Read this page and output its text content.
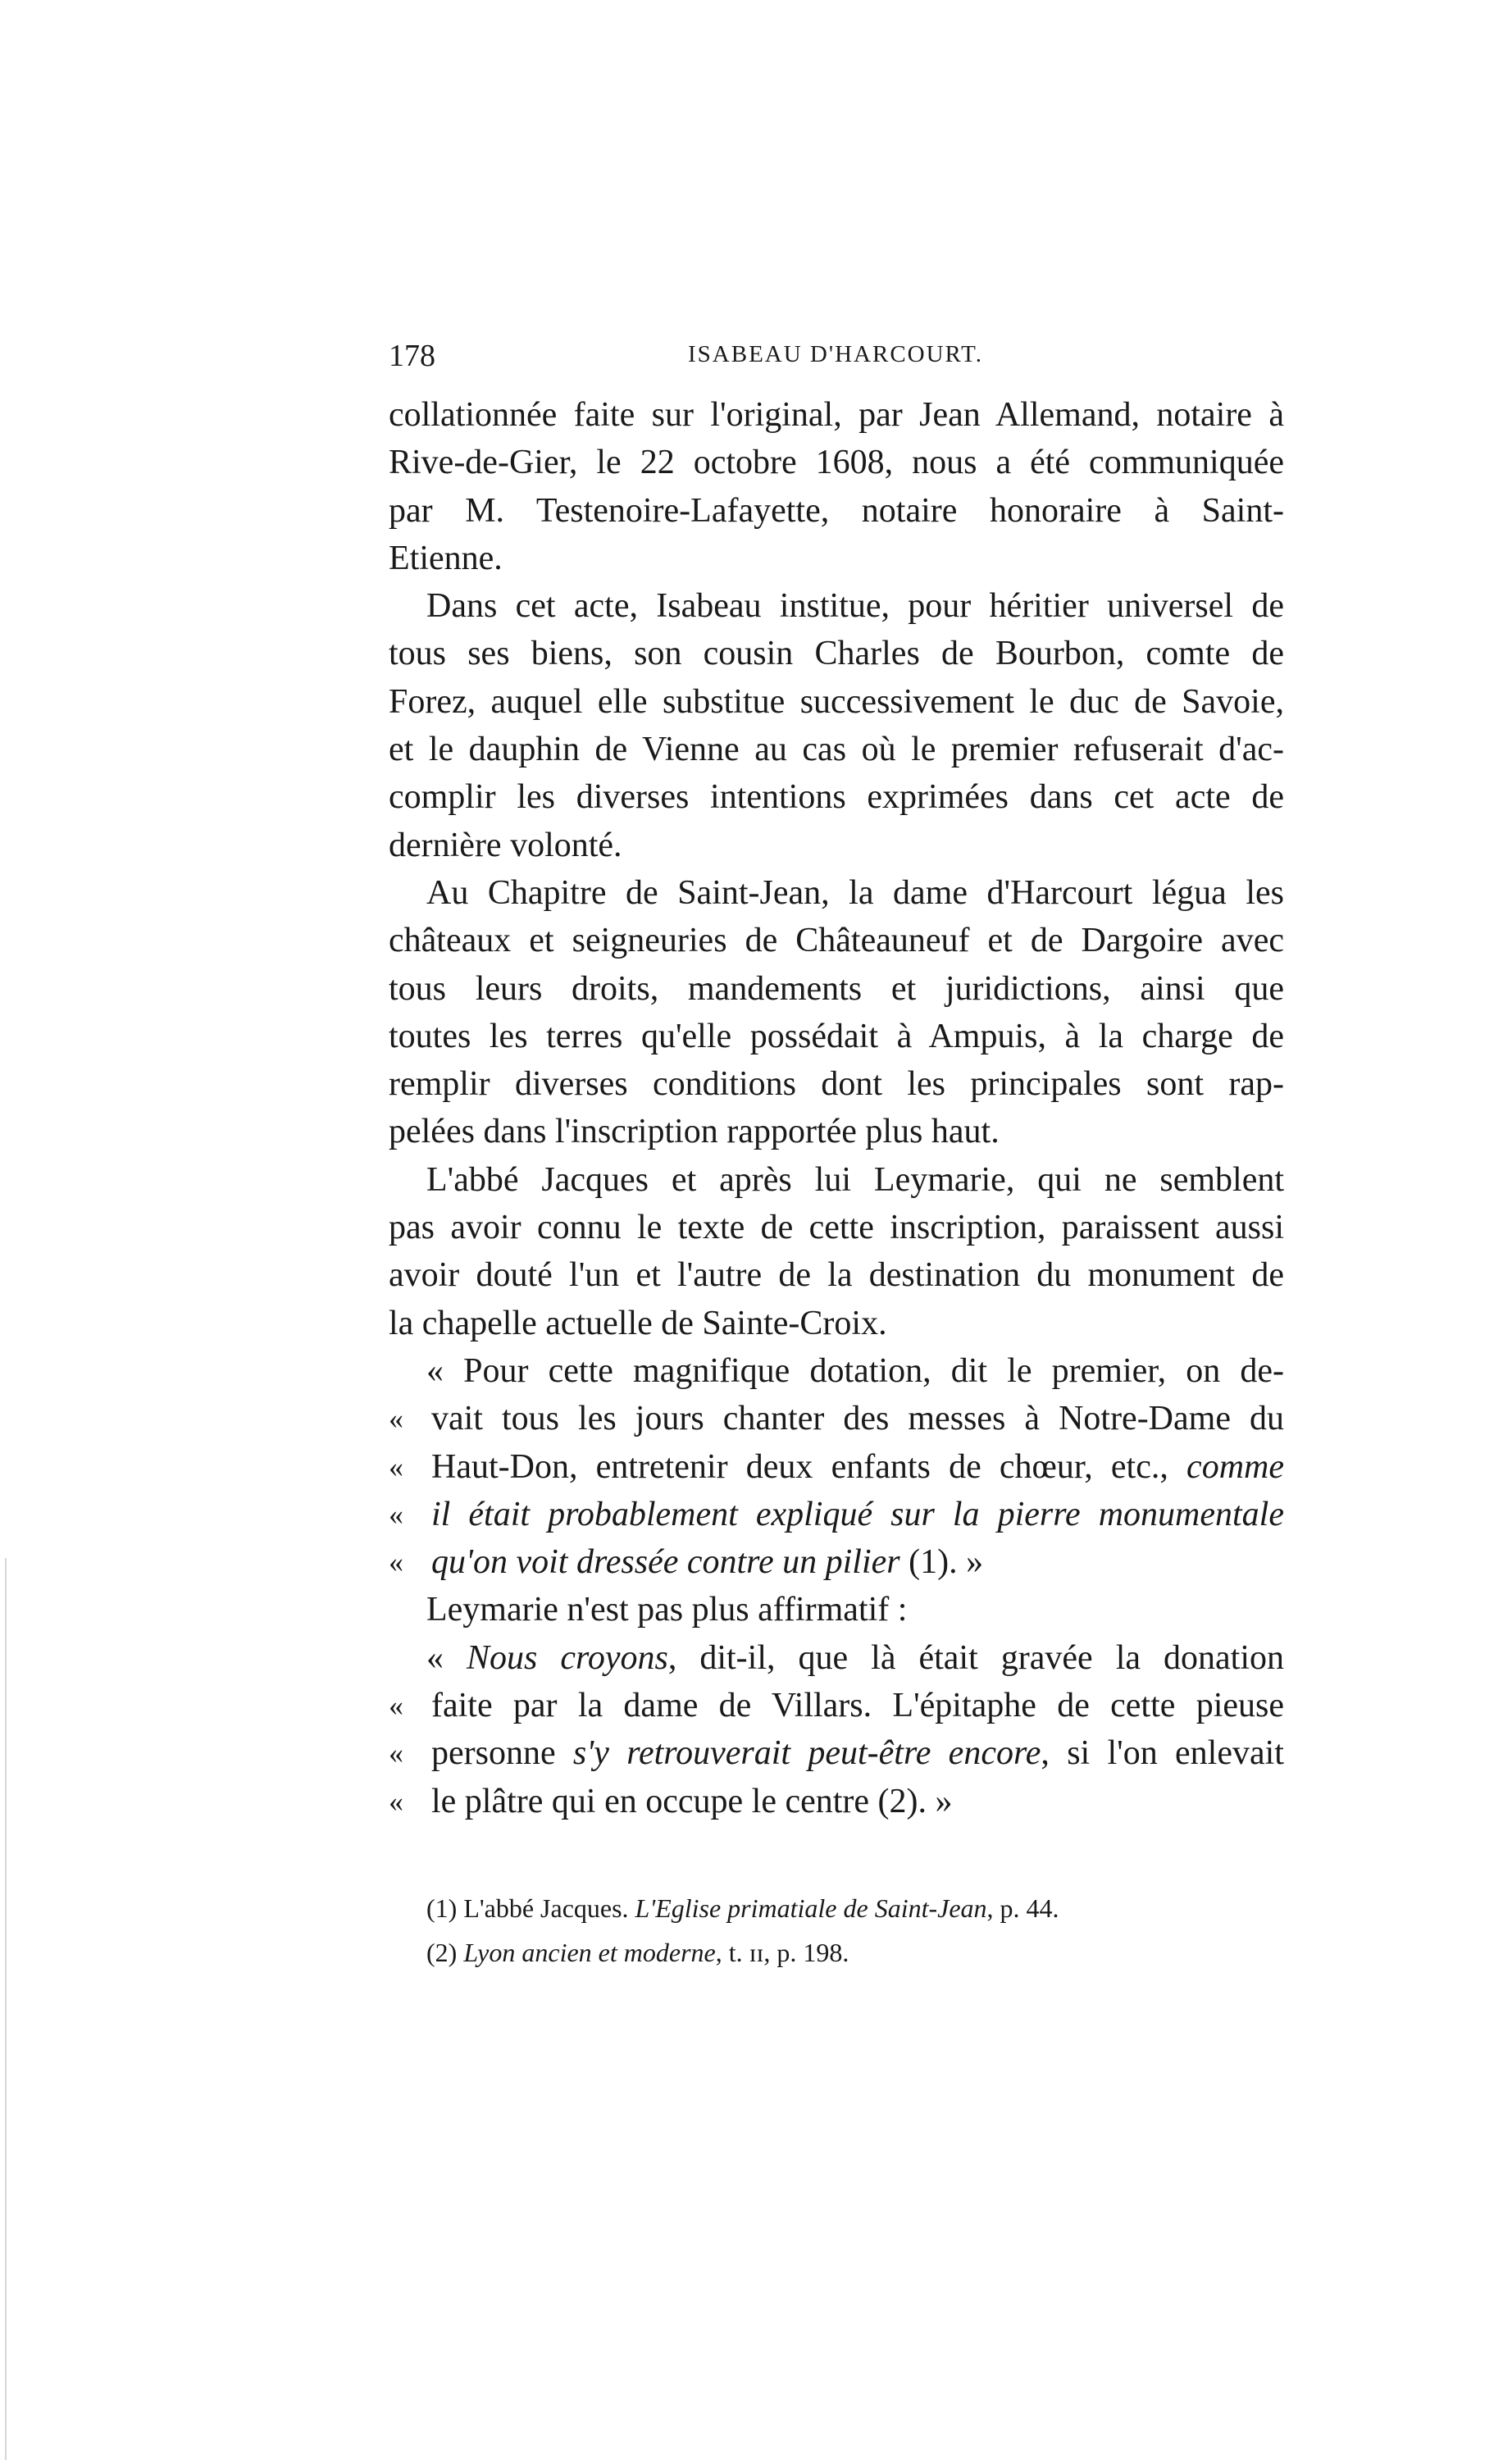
178	ISABEAU D'HARCOURT.
collationnée faite sur l'original, par Jean Allemand, notaire à
Rive-de-Gier, le 22 octobre 1608, nous a été communiquée
par M. Testenoire-Lafayette, notaire honoraire à Saint-
Etienne.
Dans cet acte, Isabeau institue, pour héritier universel de
tous ses biens, son cousin Charles de Bourbon, comte de
Forez, auquel elle substitue successivement le duc de Savoie,
et le dauphin de Vienne au cas où le premier refuserait d'ac-
complir les diverses intentions exprimées dans cet acte de
dernière volonté.
Au Chapitre de Saint-Jean, la dame d'Harcourt légua les
châteaux et seigneuries de Châteauneuf et de Dargoire avec
tous leurs droits, mandements et juridictions, ainsi que
toutes les terres qu'elle possédait à Ampuis, à la charge de
remplir diverses conditions dont les principales sont rap-
pelées dans l'inscription rapportée plus haut.
L'abbé Jacques et après lui Leymarie, qui ne semblent
pas avoir connu le texte de cette inscription, paraissent aussi
avoir douté l'un et l'autre de la destination du monument de
la chapelle actuelle de Sainte-Croix.
« Pour cette magnifique dotation, dit le premier, on de-
« vait tous les jours chanter des messes à Notre-Dame du
« Haut-Don, entretenir deux enfants de chœur, etc., comme
« il était probablement expliqué sur la pierre monumentale
« qu'on voit dressée contre un pilier (1). »
Leymarie n'est pas plus affirmatif :
« Nous croyons, dit-il, que là était gravée la donation
« faite par la dame de Villars. L'épitaphe de cette pieuse
« personne s'y retrouverait peut-être encore, si l'on enlevait
« le plâtre qui en occupe le centre (2). »
(1) L'abbé Jacques. L'Eglise primatiale de Saint-Jean, p. 44.
(2) Lyon ancien et moderne, t. ɪɪ, p. 198.
